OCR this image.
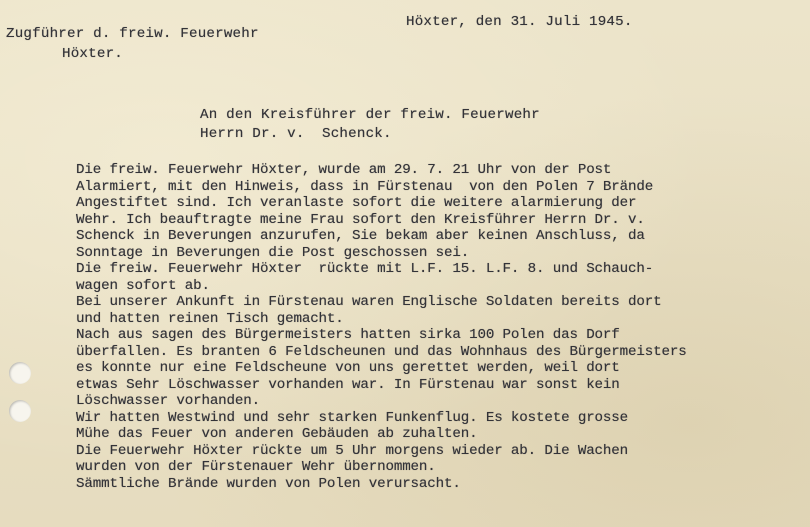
Zugführer d. freiw. Feuerwehr
Höxter.
Höxter, den 31. Juli 1945.
An den Kreisführer der freiw. Feuerwehr
Herrn Dr. v.  Schenck.
Die freiw. Feuerwehr Höxter, wurde am 29. 7. 21 Uhr von der Post
Alarmiert, mit den Hinweis, dass in Fürstenau  von den Polen 7 Brände
Angestiftet sind. Ich veranlaste sofort die weitere alarmierung der
Wehr. Ich beauftragte meine Frau sofort den Kreisführer Herrn Dr. v.
Schenck in Beverungen anzurufen, Sie bekam aber keinen Anschluss, da
Sonntage in Beverungen die Post geschossen sei.
Die freiw. Feuerwehr Höxter  rückte mit L.F. 15. L.F. 8. und Schauch-
wagen sofort ab.
Bei unserer Ankunft in Fürstenau waren Englische Soldaten bereits dort
und hatten reinen Tisch gemacht.
Nach aus sagen des Bürgermeisters hatten sirka 100 Polen das Dorf
überfallen. Es branten 6 Feldscheunen und das Wohnhaus des Bürgermeisters
es konnte nur eine Feldscheune von uns gerettet werden, weil dort
etwas Sehr Löschwasser vorhanden war. In Fürstenau war sonst kein
Löschwasser vorhanden.
Wir hatten Westwind und sehr starken Funkenflug. Es kostete grosse
Mühe das Feuer von anderen Gebäuden ab zuhalten.
Die Feuerwehr Höxter rückte um 5 Uhr morgens wieder ab. Die Wachen
wurden von der Fürstenauer Wehr übernommen.
Sämmtliche Brände wurden von Polen verursacht.
